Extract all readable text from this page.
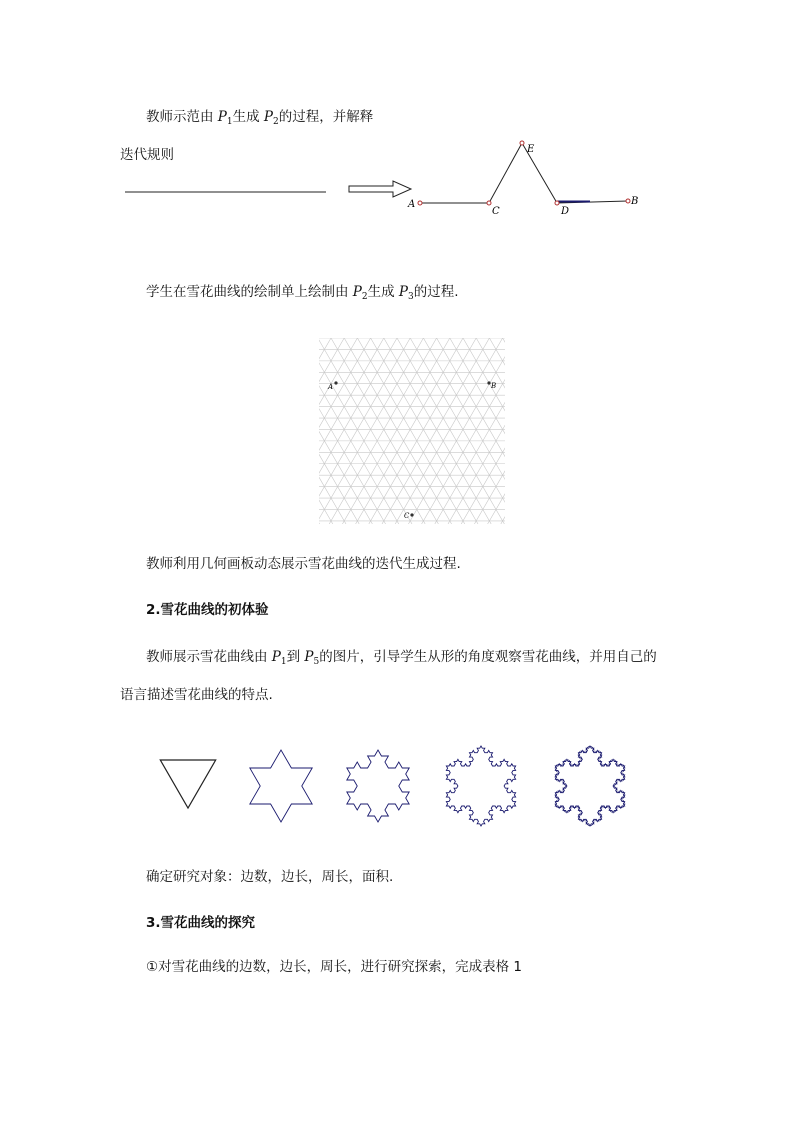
教师示范由 $P_1$生成 $P_2$的过程，并解释
迭代规则
A
C
E
D
B
学生在雪花曲线的绘制单上绘制由 $P_2$生成 $P_3$的过程.
A	B
C
教师利用几何画板动态展示雪花曲线的迭代生成过程.
2.雪花曲线的初体验
教师展示雪花曲线由 $P_1$到 $P_5$的图片，引导学生从形的角度观察雪花曲线，并用自己的
语言描述雪花曲线的特点.
确定研究对象：边数，边长，周长，面积.
3.雪花曲线的探究
①对雪花曲线的边数，边长，周长，进行研究探索，完成表格 1
